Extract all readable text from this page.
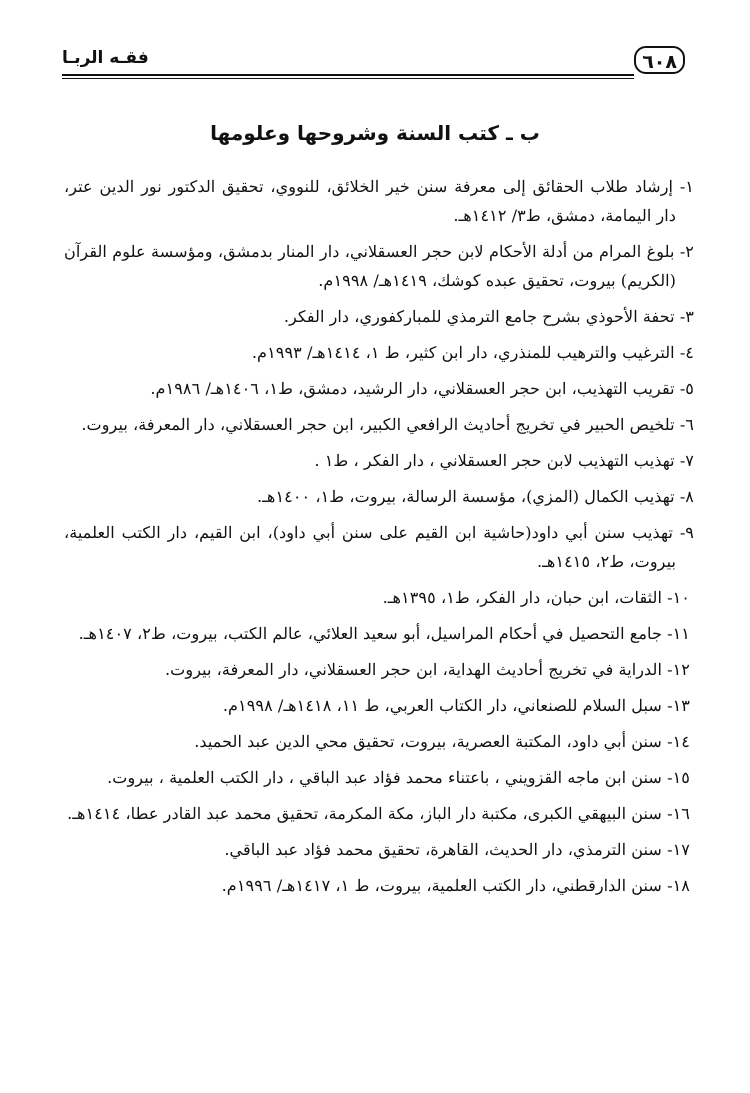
٦٠٨
فقـه الربـا
ب ـ كتب السنة وشروحها وعلومها
١- إرشاد طلاب الحقائق إلى معرفة سنن خير الخلائق، للنووي، تحقيق الدكتور نور الدين عتر، دار اليمامة، دمشق، ط٣/ ١٤١٢هـ.
٢- بلوغ المرام من أدلة الأحكام لابن حجر العسقلاني، دار المنار بدمشق، ومؤسسة علوم القرآن (الكريم) بيروت، تحقيق عبده كوشك، ١٤١٩هـ/ ١٩٩٨م.
٣- تحفة الأحوذي بشرح جامع الترمذي للمباركفوري، دار الفكر.
٤- الترغيب والترهيب للمنذري، دار ابن كثير، ط ١، ١٤١٤هـ/ ١٩٩٣م.
٥- تقريب التهذيب، ابن حجر العسقلاني، دار الرشيد، دمشق، ط١، ١٤٠٦هـ/ ١٩٨٦م.
٦- تلخيص الحبير في تخريج أحاديث الرافعي الكبير، ابن حجر العسقلاني، دار المعرفة، بيروت.
٧- تهذيب التهذيب لابن حجر العسقلاني ، دار الفكر ، ط١ .
٨- تهذيب الكمال (المزي)، مؤسسة الرسالة، بيروت، ط١، ١٤٠٠هـ.
٩- تهذيب سنن أبي داود(حاشية ابن القيم على سنن أبي داود)، ابن القيم، دار الكتب العلمية، بيروت، ط٢، ١٤١٥هـ.
١٠- الثقات، ابن حبان، دار الفكر، ط١، ١٣٩٥هـ.
١١- جامع التحصيل في أحكام المراسيل، أبو سعيد العلائي، عالم الكتب، بيروت، ط٢، ١٤٠٧هـ.
١٢- الدراية في تخريج أحاديث الهداية، ابن حجر العسقلاني، دار المعرفة، بيروت.
١٣- سبل السلام للصنعاني، دار الكتاب العربي، ط ١١، ١٤١٨هـ/ ١٩٩٨م.
١٤- سنن أبي داود، المكتبة العصرية، بيروت، تحقيق محي الدين عبد الحميد.
١٥- سنن ابن ماجه القزويني ، باعتناء محمد فؤاد عبد الباقي ، دار الكتب العلمية ، بيروت.
١٦- سنن البيهقي الكبرى، مكتبة دار الباز، مكة المكرمة، تحقيق محمد عبد القادر عطا، ١٤١٤هـ.
١٧- سنن الترمذي، دار الحديث، القاهرة، تحقيق محمد فؤاد عبد الباقي.
١٨- سنن الدارقطني، دار الكتب العلمية، بيروت، ط ١، ١٤١٧هـ/ ١٩٩٦م.
